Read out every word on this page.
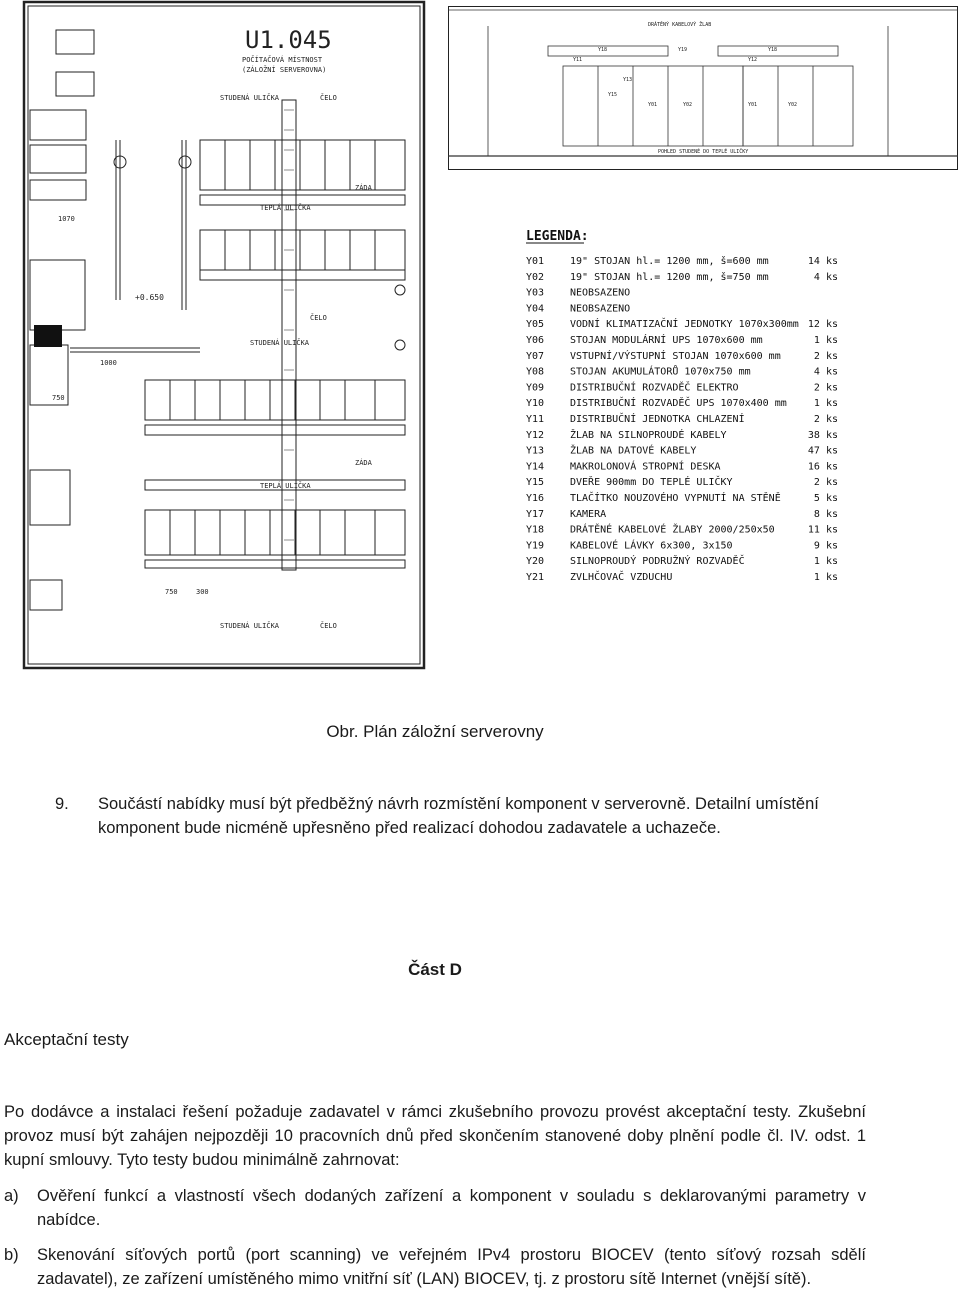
U1.045
POČÍTAČOVÁ MÍSTNOST
(ZÁLOŽNÍ SERVEROVNA)
STUDENÁ ULIČKA	ČELO
TEPLÁ ULIČKA
ZÁDA
ČELO
STUDENÁ ULIČKA
ZÁDA
TEPLÁ ULIČKA
STUDENÁ ULIČKA	ČELO
1070
1000
750
750	300
+0.650
DRÁTĚNÝ KABELOVÝ ŽLAB
POHLED STUDENÉ DO TEPLÉ ULIČKY
Y18	Y18
Y19
Y11	Y12
Y15
Y01	Y01
Y02	Y02
Y13
LEGENDA:
Y01	19" STOJAN hl.= 1200 mm, š=600 mm	14 ks
Y02	19" STOJAN hl.= 1200 mm, š=750 mm	4 ks
Y03	NEOBSAZENO
Y04	NEOBSAZENO
Y05	VODNÍ KLIMATIZAČNÍ JEDNOTKY 1070x300mm 12 ks
Y06	STOJAN MODULÁRNÍ UPS 1070x600 mm	1 ks
Y07	VSTUPNÍ/VÝSTUPNÍ STOJAN 1070x600 mm	2 ks
Y08	STOJAN AKUMULÁTORŮ 1070x750 mm	4 ks
Y09	DISTRIBUČNÍ ROZVADĚČ ELEKTRO	2 ks
Y10	DISTRIBUČNÍ ROZVADĚČ UPS 1070x400 mm	1 ks
Y11	DISTRIBUČNÍ JEDNOTKA CHLAZENÍ	2 ks
Y12	ŽLAB NA SILNOPROUDÉ KABELY	38 ks
Y13	ŽLAB NA DATOVÉ KABELY	47 ks
Y14	MAKROLONOVÁ STROPNÍ DESKA	16 ks
Y15	DVEŘE 900mm DO TEPLÉ ULIČKY	2 ks
Y16	TLAČÍTKO NOUZOVÉHO VYPNUTÍ NA STĚNĚ	5 ks
Y17	KAMERA	8 ks
Y18	DRÁTĚNÉ KABELOVÉ ŽLABY 2000/250x50	11 ks
Y19	KABELOVÉ LÁVKY 6x300, 3x150	9 ks
Y20	SILNOPROUDÝ PODRUŽNÝ ROZVADĚČ	1 ks
Y21	ZVLHČOVAČ VZDUCHU	1 ks
Obr. Plán záložní serverovny
9. Součástí nabídky musí být předběžný návrh rozmístění komponent v serverovně. Detailní umístění komponent bude nicméně upřesněno před realizací dohodou zadavatele a uchazeče.
Část D
Akceptační testy
Po dodávce a instalaci řešení požaduje zadavatel v rámci zkušebního provozu provést akceptační testy. Zkušební provoz musí být zahájen nejpozději 10 pracovních dnů před skončením stanovené doby plnění podle čl. IV. odst. 1 kupní smlouvy. Tyto testy budou minimálně zahrnovat:
a) Ověření funkcí a vlastností všech dodaných zařízení a komponent v souladu s deklarovanými parametry v nabídce.
b) Skenování síťových portů (port scanning) ve veřejném IPv4 prostoru BIOCEV (tento síťový rozsah sdělí zadavatel), ze zařízení umístěného mimo vnitřní síť (LAN) BIOCEV, tj. z prostoru sítě Internet (vnější sítě).
